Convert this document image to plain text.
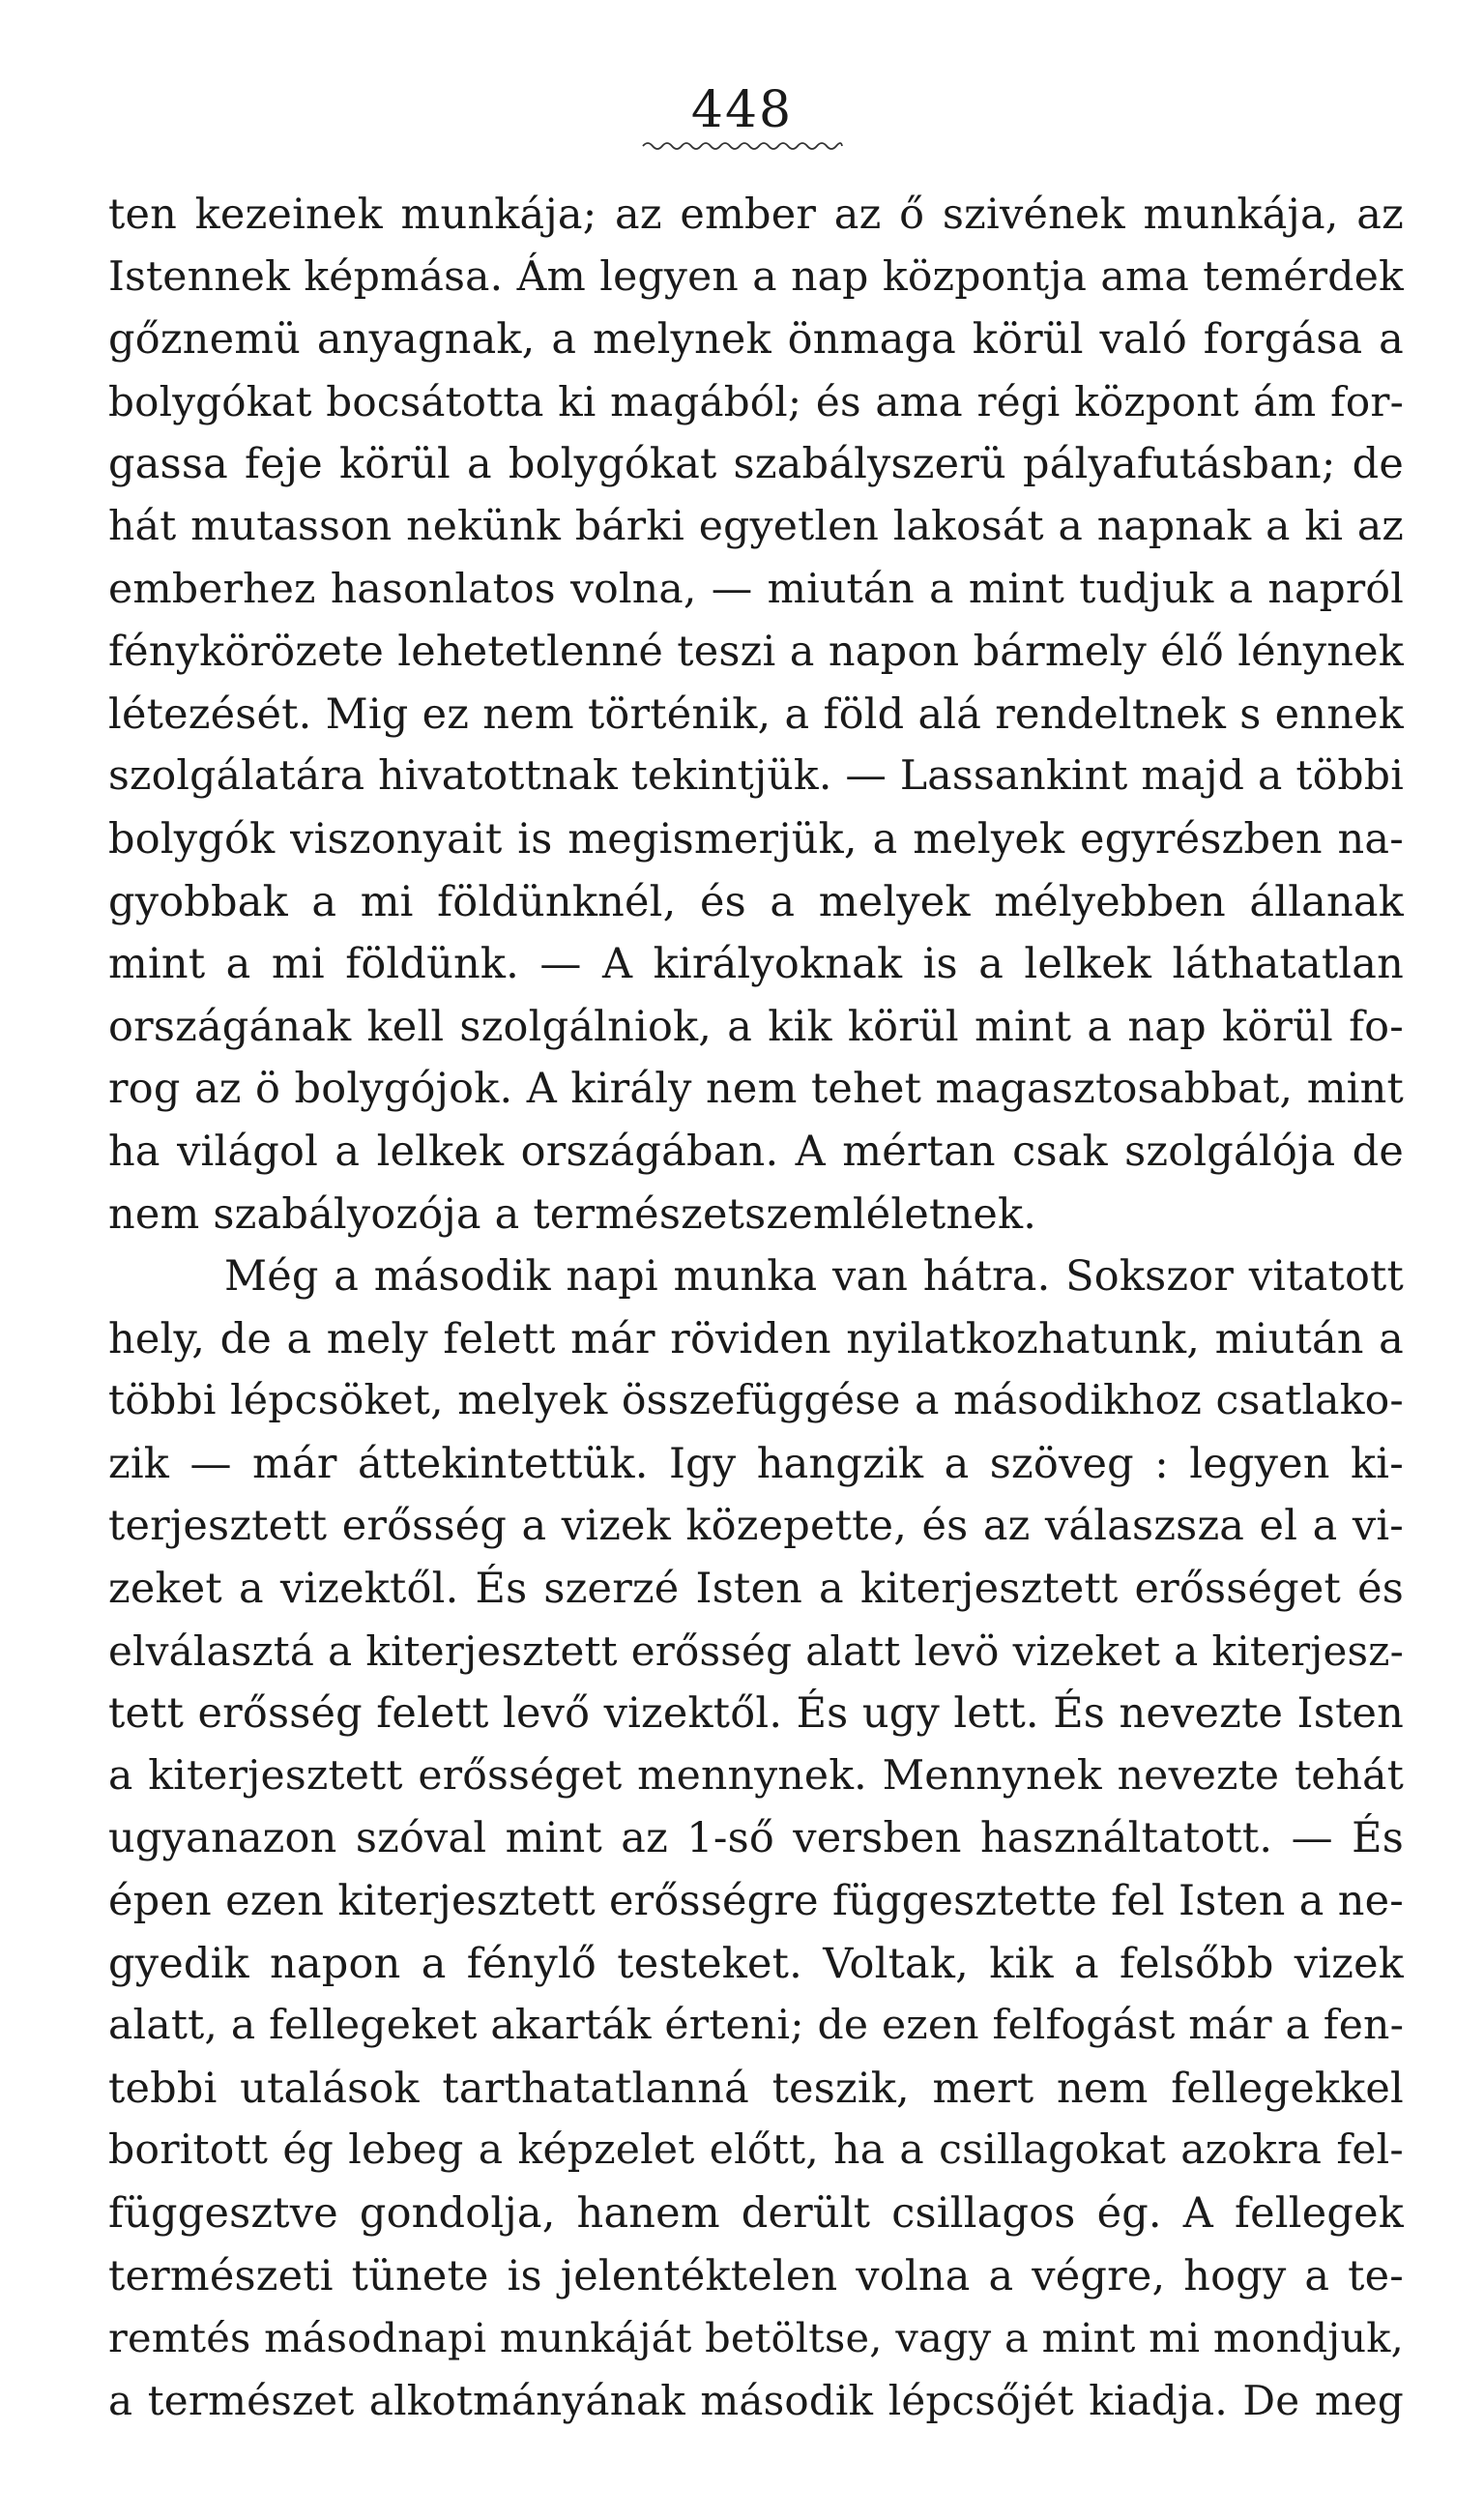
448
ten kezeinek munkája; az ember az ő szivének munkája, az
Istennek képmása. Ám legyen a nap központja ama temérdek
gőznemü anyagnak, a melynek önmaga körül való forgása a
bolygókat bocsátotta ki magából; és ama régi központ ám for-
gassa feje körül a bolygókat szabályszerü pályafutásban; de
hát mutasson nekünk bárki egyetlen lakosát a napnak a ki az
emberhez hasonlatos volna, — miután a mint tudjuk a napról
fénykörözete lehetetlenné teszi a napon bármely élő lénynek
létezését. Mig ez nem történik, a föld alá rendeltnek s ennek
szolgálatára hivatottnak tekintjük. — Lassankint majd a többi
bolygók viszonyait is megismerjük, a melyek egyrészben na-
gyobbak a mi földünknél, és a melyek mélyebben állanak
mint a mi földünk. — A királyoknak is a lelkek láthatatlan
országának kell szolgálniok, a kik körül mint a nap körül fo-
rog az ö bolygójok. A király nem tehet magasztosabbat, mint
ha világol a lelkek országában. A mértan csak szolgálója de
nem szabályozója a természetszemléletnek.
Még a második napi munka van hátra. Sokszor vitatott
hely, de a mely felett már röviden nyilatkozhatunk, miután a
többi lépcsöket, melyek összefüggése a másodikhoz csatlako-
zik — már áttekintettük. Igy hangzik a szöveg : legyen ki-
terjesztett erősség a vizek közepette, és az válaszsza el a vi-
zeket a vizektől. És szerzé Isten a kiterjesztett erősséget és
elválasztá a kiterjesztett erősség alatt levö vizeket a kiterjesz-
tett erősség felett levő vizektől. És ugy lett. És nevezte Isten
a kiterjesztett erősséget mennynek. Mennynek nevezte tehát
ugyanazon szóval mint az 1-ső versben használtatott. — És
épen ezen kiterjesztett erősségre függesztette fel Isten a ne-
gyedik napon a fénylő testeket. Voltak, kik a felsőbb vizek
alatt, a fellegeket akarták érteni; de ezen felfogást már a fen-
tebbi utalások tarthatatlanná teszik, mert nem fellegekkel
boritott ég lebeg a képzelet előtt, ha a csillagokat azokra fel-
függesztve gondolja, hanem derült csillagos ég. A fellegek
természeti tünete is jelentéktelen volna a végre, hogy a te-
remtés másodnapi munkáját betöltse, vagy a mint mi mondjuk,
a természet alkotmányának második lépcsőjét kiadja. De meg
